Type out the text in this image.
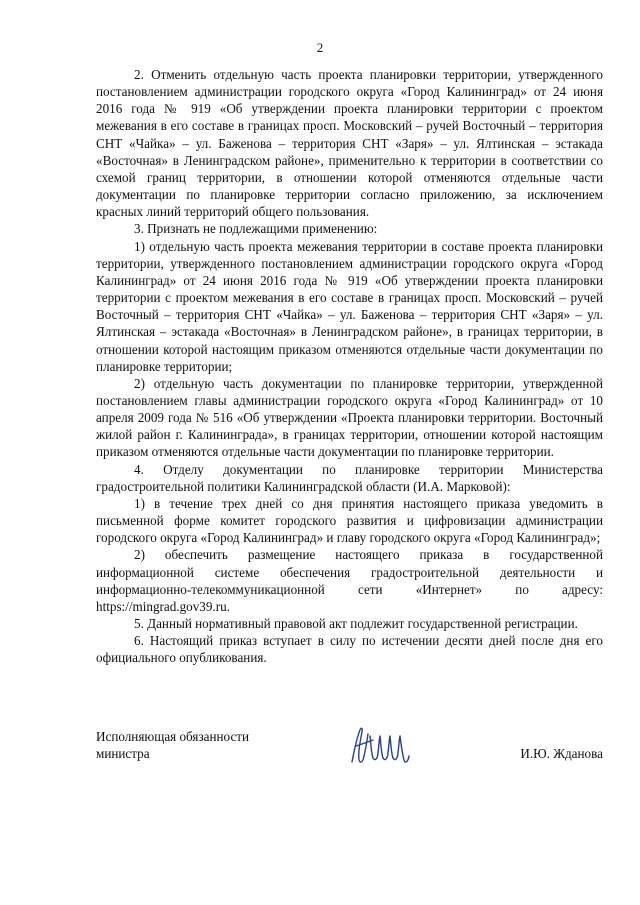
2

2. Отменить отдельную часть проекта планировки территории, утвержденного постановлением администрации городского округа «Город Калининград» от 24 июня 2016 года № 919 «Об утверждении проекта планировки территории с проектом межевания в его составе в границах просп. Московский – ручей Восточный – территория СНТ «Чайка» – ул. Баженова – территория СНТ «Заря» – ул. Ялтинская – эстакада «Восточная» в Ленинградском районе», применительно к территории в соответствии со схемой границ территории, в отношении которой отменяются отдельные части документации по планировке территории согласно приложению, за исключением красных линий территорий общего пользования.

3. Признать не подлежащими применению:

1) отдельную часть проекта межевания территории в составе проекта планировки территории, утвержденного постановлением администрации городского округа «Город Калининград» от 24 июня 2016 года № 919 «Об утверждении проекта планировки территории с проектом межевания в его составе в границах просп. Московский – ручей Восточный – территория СНТ «Чайка» – ул. Баженова – территория СНТ «Заря» – ул. Ялтинская – эстакада «Восточная» в Ленинградском районе», в границах территории, в отношении которой настоящим приказом отменяются отдельные части документации по планировке территории;

2) отдельную часть документации по планировке территории, утвержденной постановлением главы администрации городского округа «Город Калининград» от 10 апреля 2009 года № 516 «Об утверждении «Проекта планировки территории. Восточный жилой район г. Калининграда», в границах территории, отношении которой настоящим приказом отменяются отдельные части документации по планировке территории.

4. Отделу документации по планировке территории Министерства градостроительной политики Калининградской области (И.А. Марковой):

1) в течение трех дней со дня принятия настоящего приказа уведомить в письменной форме комитет городского развития и цифровизации администрации городского округа «Город Калининград» и главу городского округа «Город Калининград»;

2) обеспечить размещение настоящего приказа в государственной информационной системе обеспечения градостроительной деятельности и информационно-телекоммуникационной сети «Интернет» по адресу: https://mingrad.gov39.ru.

5. Данный нормативный правовой акт подлежит государственной регистрации.

6. Настоящий приказ вступает в силу по истечении десяти дней после дня его официального опубликования.

Исполняющая обязанности
министра	И.Ю. Жданова
